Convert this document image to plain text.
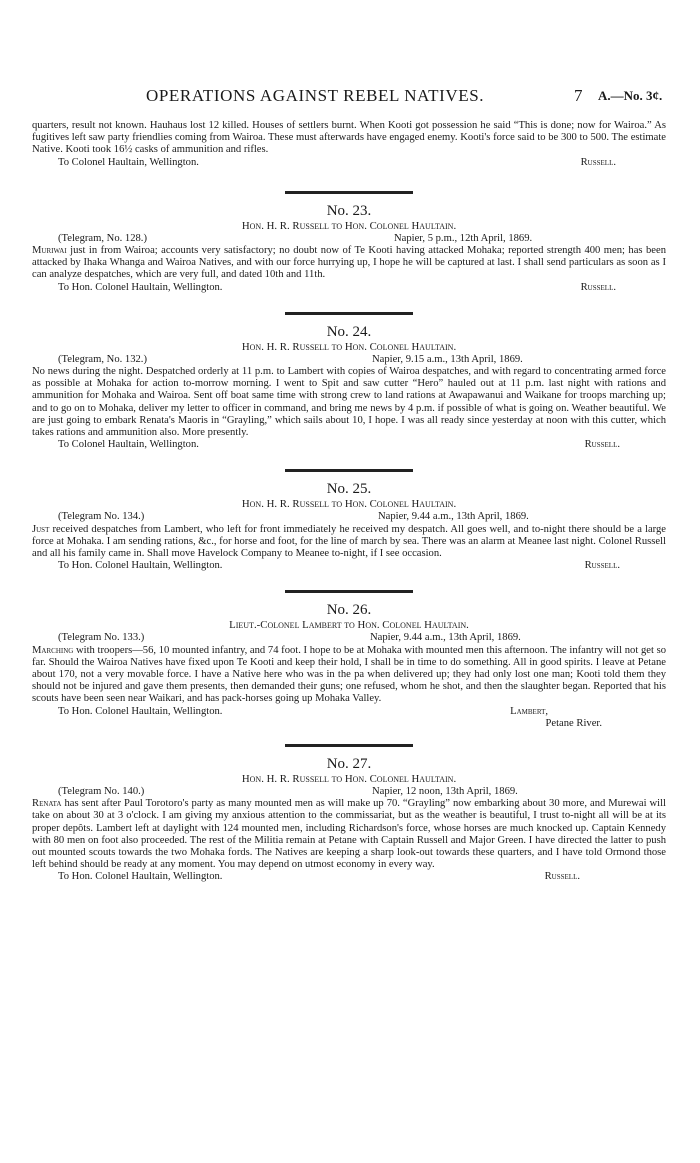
OPERATIONS AGAINST REBEL NATIVES.	7 A.—No. 3¢.

quarters, result not known. Hauhaus lost 12 killed. Houses of settlers burnt. When Kooti got possession he said “This is done; now for Wairoa.” As fugitives left saw party friendlies coming from Wairoa. These must afterwards have engaged enemy. Kooti's force said to be 300 to 500. The estimate Native. Kooti took 16½ casks of ammunition and rifles.

To Colonel Haultain, Wellington.	Russell.
No. 23.
Hon. H. R. Russell to Hon. Colonel Haultain.
(Telegram, No. 128.)	Napier, 5 p.m., 12th April, 1869.

Muriwai just in from Wairoa; accounts very satisfactory; no doubt now of Te Kooti having attacked Mohaka; reported strength 400 men; has been attacked by Ihaka Whanga and Wairoa Natives, and with our force hurrying up, I hope he will be captured at last. I shall send particulars as soon as I can analyze despatches, which are very full, and dated 10th and 11th.

To Hon. Colonel Haultain, Wellington.	Russell.
No. 24.
Hon. H. R. Russell to Hon. Colonel Haultain.
(Telegram, No. 132.)	Napier, 9.15 a.m., 13th April, 1869.

No news during the night. Despatched orderly at 11 p.m. to Lambert with copies of Wairoa despatches, and with regard to concentrating armed force as possible at Mohaka for action to-morrow morning. I went to Spit and saw cutter “Hero” hauled out at 11 p.m. last night with rations and ammunition for Mohaka and Wairoa. Sent off boat same time with strong crew to land rations at Awapawanui and Waikane for troops marching up; and to go on to Mohaka, deliver my letter to officer in command, and bring me news by 4 p.m. if possible of what is going on. Weather beautiful. We are just going to embark Renata's Maoris in “Grayling,” which sails about 10, I hope. I was all ready since yesterday at noon with this cutter, which takes rations and ammunition also. More presently.

To Colonel Haultain, Wellington.	Russell.
No. 25.
Hon. H. R. Russell to Hon. Colonel Haultain.
(Telegram No. 134.)	Napier, 9.44 a.m., 13th April, 1869.

Just received despatches from Lambert, who left for front immediately he received my despatch. All goes well, and to-night there should be a large force at Mohaka. I am sending rations, &c., for horse and foot, for the line of march by sea. There was an alarm at Meanee last night. Colonel Russell and all his family came in. Shall move Havelock Company to Meanee to-night, if I see occasion.

To Hon. Colonel Haultain, Wellington.	Russell.
No. 26.
Lieut.-Colonel Lambert to Hon. Colonel Haultain.
(Telegram No. 133.)	Napier, 9.44 a.m., 13th April, 1869.

Marching with troopers—56, 10 mounted infantry, and 74 foot. I hope to be at Mohaka with mounted men this afternoon. The infantry will not get so far. Should the Wairoa Natives have fixed upon Te Kooti and keep their hold, I shall be in time to do something. All in good spirits. I leave at Petane about 170, not a very movable force. I have a Native here who was in the pa when delivered up; they had only lost one man; Kooti told them they should not be injured and gave them presents, then demanded their guns; one refused, whom he shot, and then the slaughter began. Reported that his scouts have been seen near Waikari, and has pack-horses going up Mohaka Valley.

To Hon. Colonel Haultain, Wellington.	Lambert,
Petane River.
No. 27.
Hon. H. R. Russell to Hon. Colonel Haultain.
(Telegram No. 140.)	Napier, 12 noon, 13th April, 1869.

Renata has sent after Paul Torotoro's party as many mounted men as will make up 70. “Grayling” now embarking about 30 more, and Murewai will take on about 30 at 3 o'clock. I am giving my anxious attention to the commissariat, but as the weather is beautiful, I trust to-night all will be at its proper depôts. Lambert left at daylight with 124 mounted men, including Richardson's force, whose horses are much knocked up. Captain Kennedy with 80 men on foot also proceeded. The rest of the Militia remain at Petane with Captain Russell and Major Green. I have directed the latter to push out mounted scouts towards the two Mohaka fords. The Natives are keeping a sharp look-out towards these quarters, and I have told Ormond those left behind should be ready at any moment. You may depend on utmost economy in every way.

To Hon. Colonel Haultain, Wellington.	Russell.
